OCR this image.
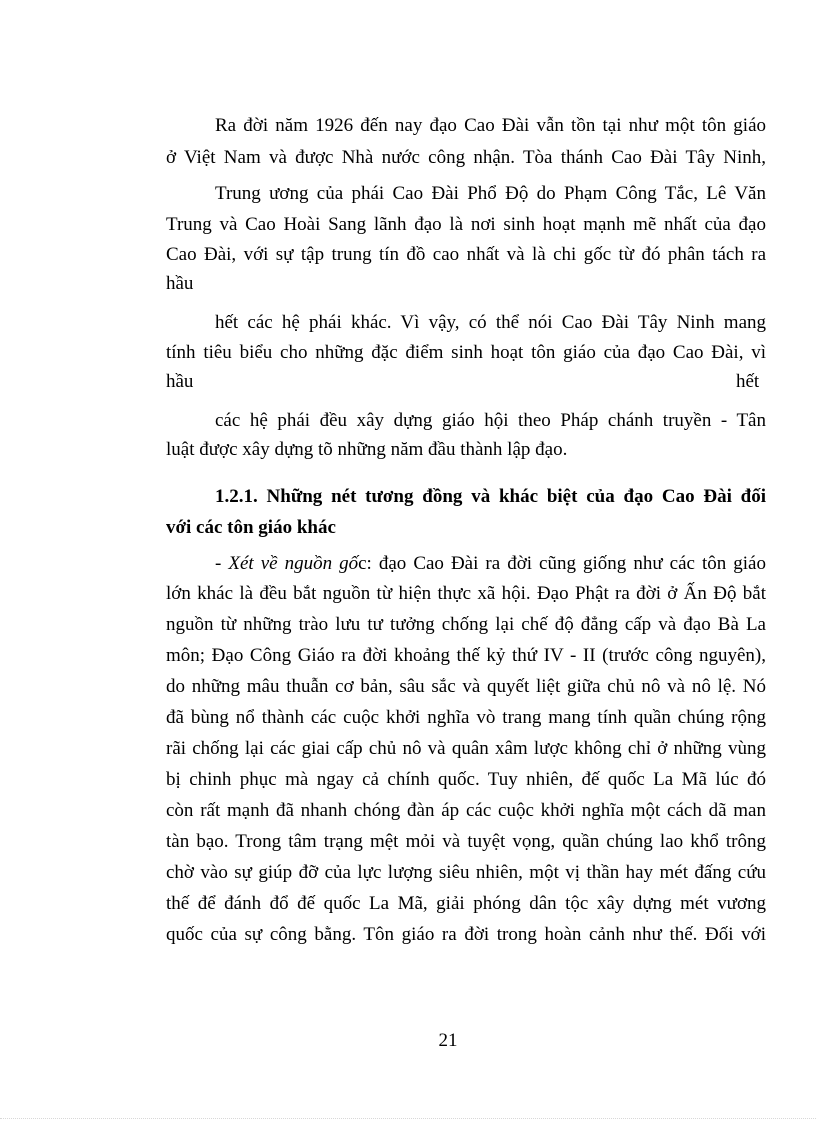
Ra đời năm 1926 đến nay đạo Cao Đài vẫn tồn tại như một tôn giáo

ở Việt Nam và được Nhà nước công nhận. Tòa thánh Cao Đài Tây Ninh,

Trung ương của phái Cao Đài Phổ Độ do Phạm Công Tắc, Lê Văn

Trung và Cao Hoài Sang lãnh đạo là nơi sinh hoạt mạnh mẽ nhất của đạo

Cao Đài, với sự tập trung tín đồ cao nhất và là chi gốc từ đó phân tách ra

hầu

hết các hệ phái khác. Vì vậy, có thể nói Cao Đài Tây Ninh mang

tính tiêu biểu cho những đặc điểm sinh hoạt tôn giáo của đạo Cao Đài, vì

hầu	hết

các hệ phái đều xây dựng giáo hội theo Pháp chánh truyền - Tân

luật được xây dựng tõ những năm đầu thành lập đạo.

1.2.1. Những nét tương đồng và khác biệt của đạo Cao Đài đối

với các tôn giáo khác

- Xét về nguồn gốc: đạo Cao Đài ra đời cũng giống như các tôn giáo

lớn khác là đều bắt nguồn từ hiện thực xã hội. Đạo Phật ra đời ở Ấn Độ bắt

nguồn từ những trào lưu tư tưởng chống lại chế độ đẳng cấp và đạo Bà La

môn; Đạo Công Giáo ra đời khoảng thế kỷ thứ IV - II (trước công nguyên),

do những mâu thuẫn cơ bản, sâu sắc và quyết liệt giữa chủ nô và nô lệ. Nó

đã bùng nổ thành các cuộc khởi nghĩa vò trang mang tính quần chúng rộng

rãi chống lại các giai cấp chủ nô và quân xâm lược không chỉ ở những vùng

bị chinh phục mà ngay cả chính quốc. Tuy nhiên, đế quốc La Mã lúc đó

còn rất mạnh đã nhanh chóng đàn áp các cuộc khởi nghĩa một cách dã man

tàn bạo. Trong tâm trạng mệt mỏi và tuyệt vọng, quần chúng lao khổ trông

chờ vào sự giúp đỡ của lực lượng siêu nhiên, một vị thần hay mét đấng cứu

thế để đánh đổ đế quốc La Mã, giải phóng dân tộc xây dựng mét vương

quốc của sự công bằng. Tôn giáo ra đời trong hoàn cảnh như thế. Đối với

21
